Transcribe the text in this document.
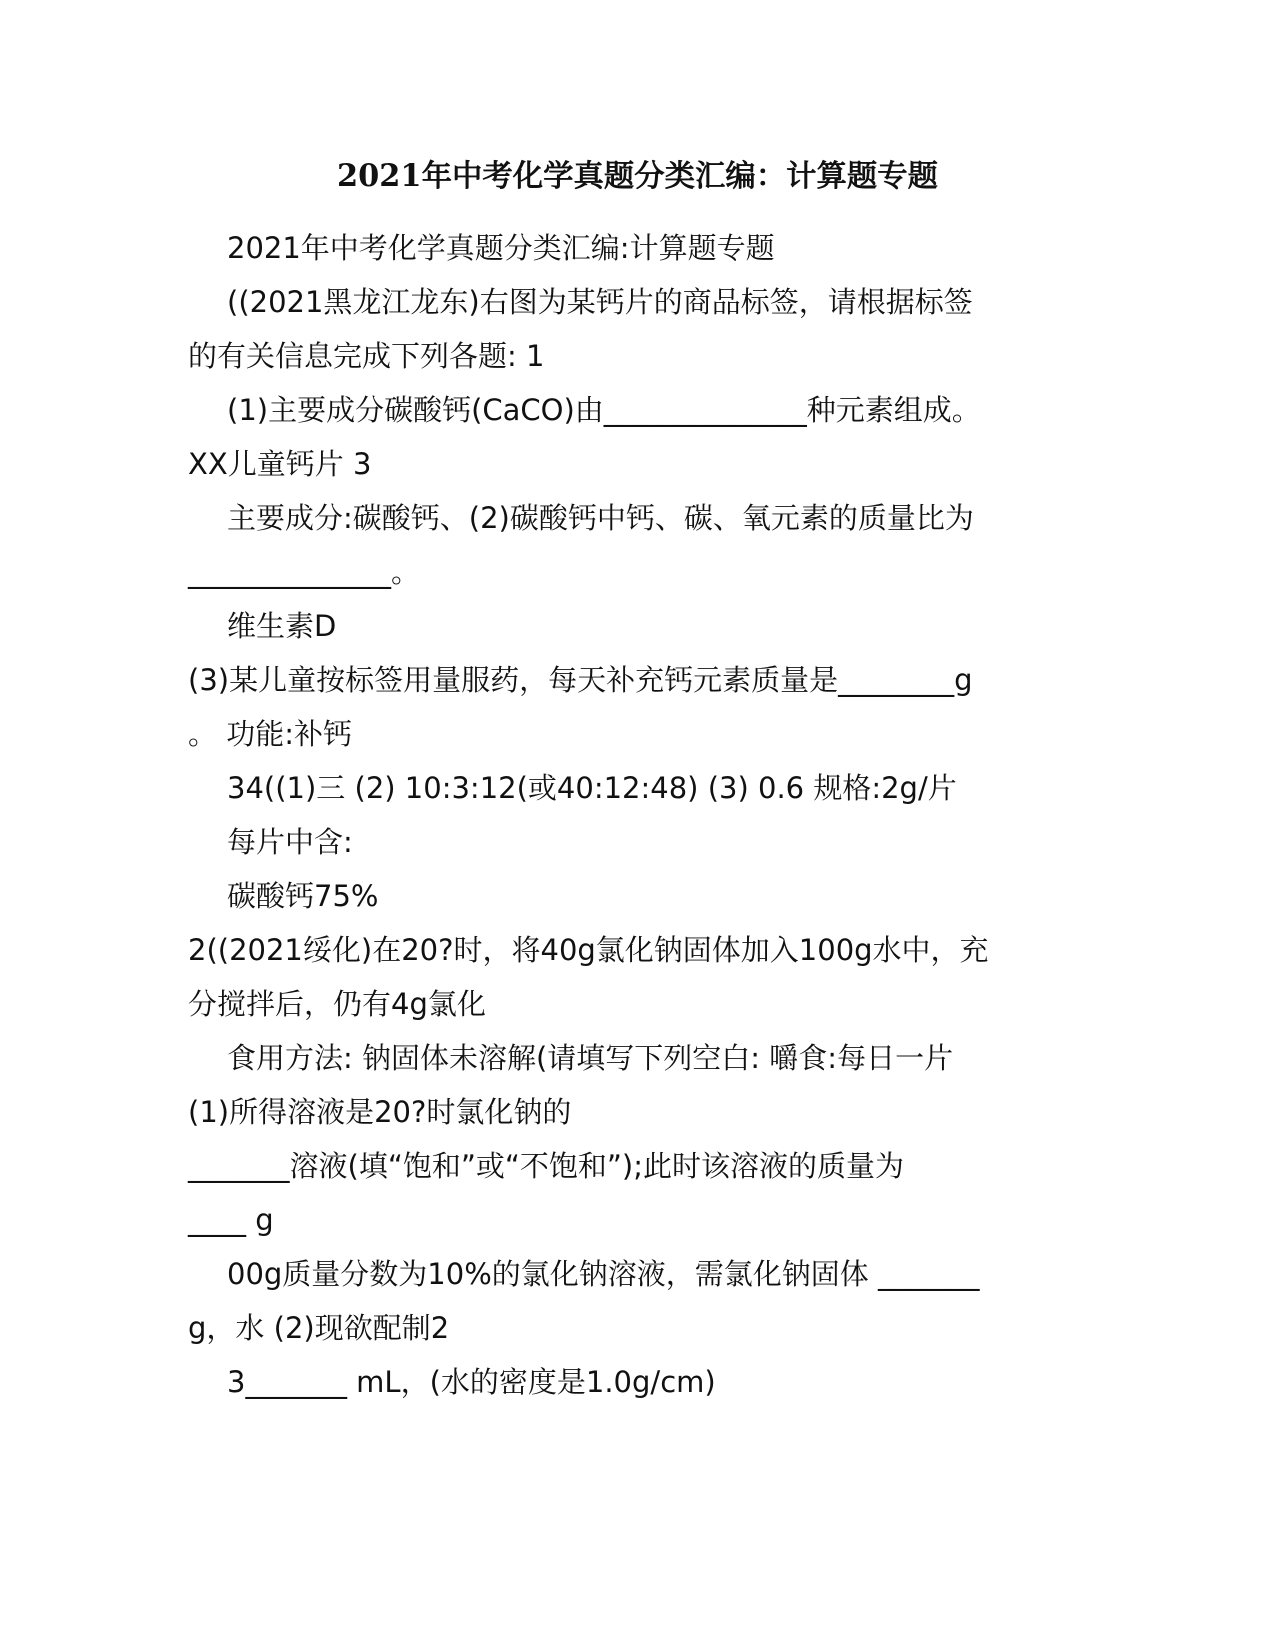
2021年中考化学真题分类汇编：计算题专题
2021年中考化学真题分类汇编:计算题专题
((2021黑龙江龙东)右图为某钙片的商品标签，请根据标签
的有关信息完成下列各题: 1
(1)主要成分碳酸钙(CaCO)由______________种元素组成。
XX儿童钙片 3
主要成分:碳酸钙、(2)碳酸钙中钙、碳、氧元素的质量比为
______________。
维生素D
(3)某儿童按标签用量服药，每天补充钙元素质量是________g
。 功能:补钙
34((1)三 (2) 10:3:12(或40:12:48) (3) 0.6 规格:2g/片
每片中含:
碳酸钙75%
2((2021绥化)在20?时，将40g氯化钠固体加入100g水中，充
分搅拌后，仍有4g氯化
食用方法: 钠固体未溶解(请填写下列空白: 嚼食:每日一片
(1)所得溶液是20?时氯化钠的
_______溶液(填“饱和”或“不饱和”);此时该溶液的质量为
____ g
00g质量分数为10%的氯化钠溶液，需氯化钠固体 _______
g，水 (2)现欲配制2
3_______ mL，(水的密度是1.0g/cm)
